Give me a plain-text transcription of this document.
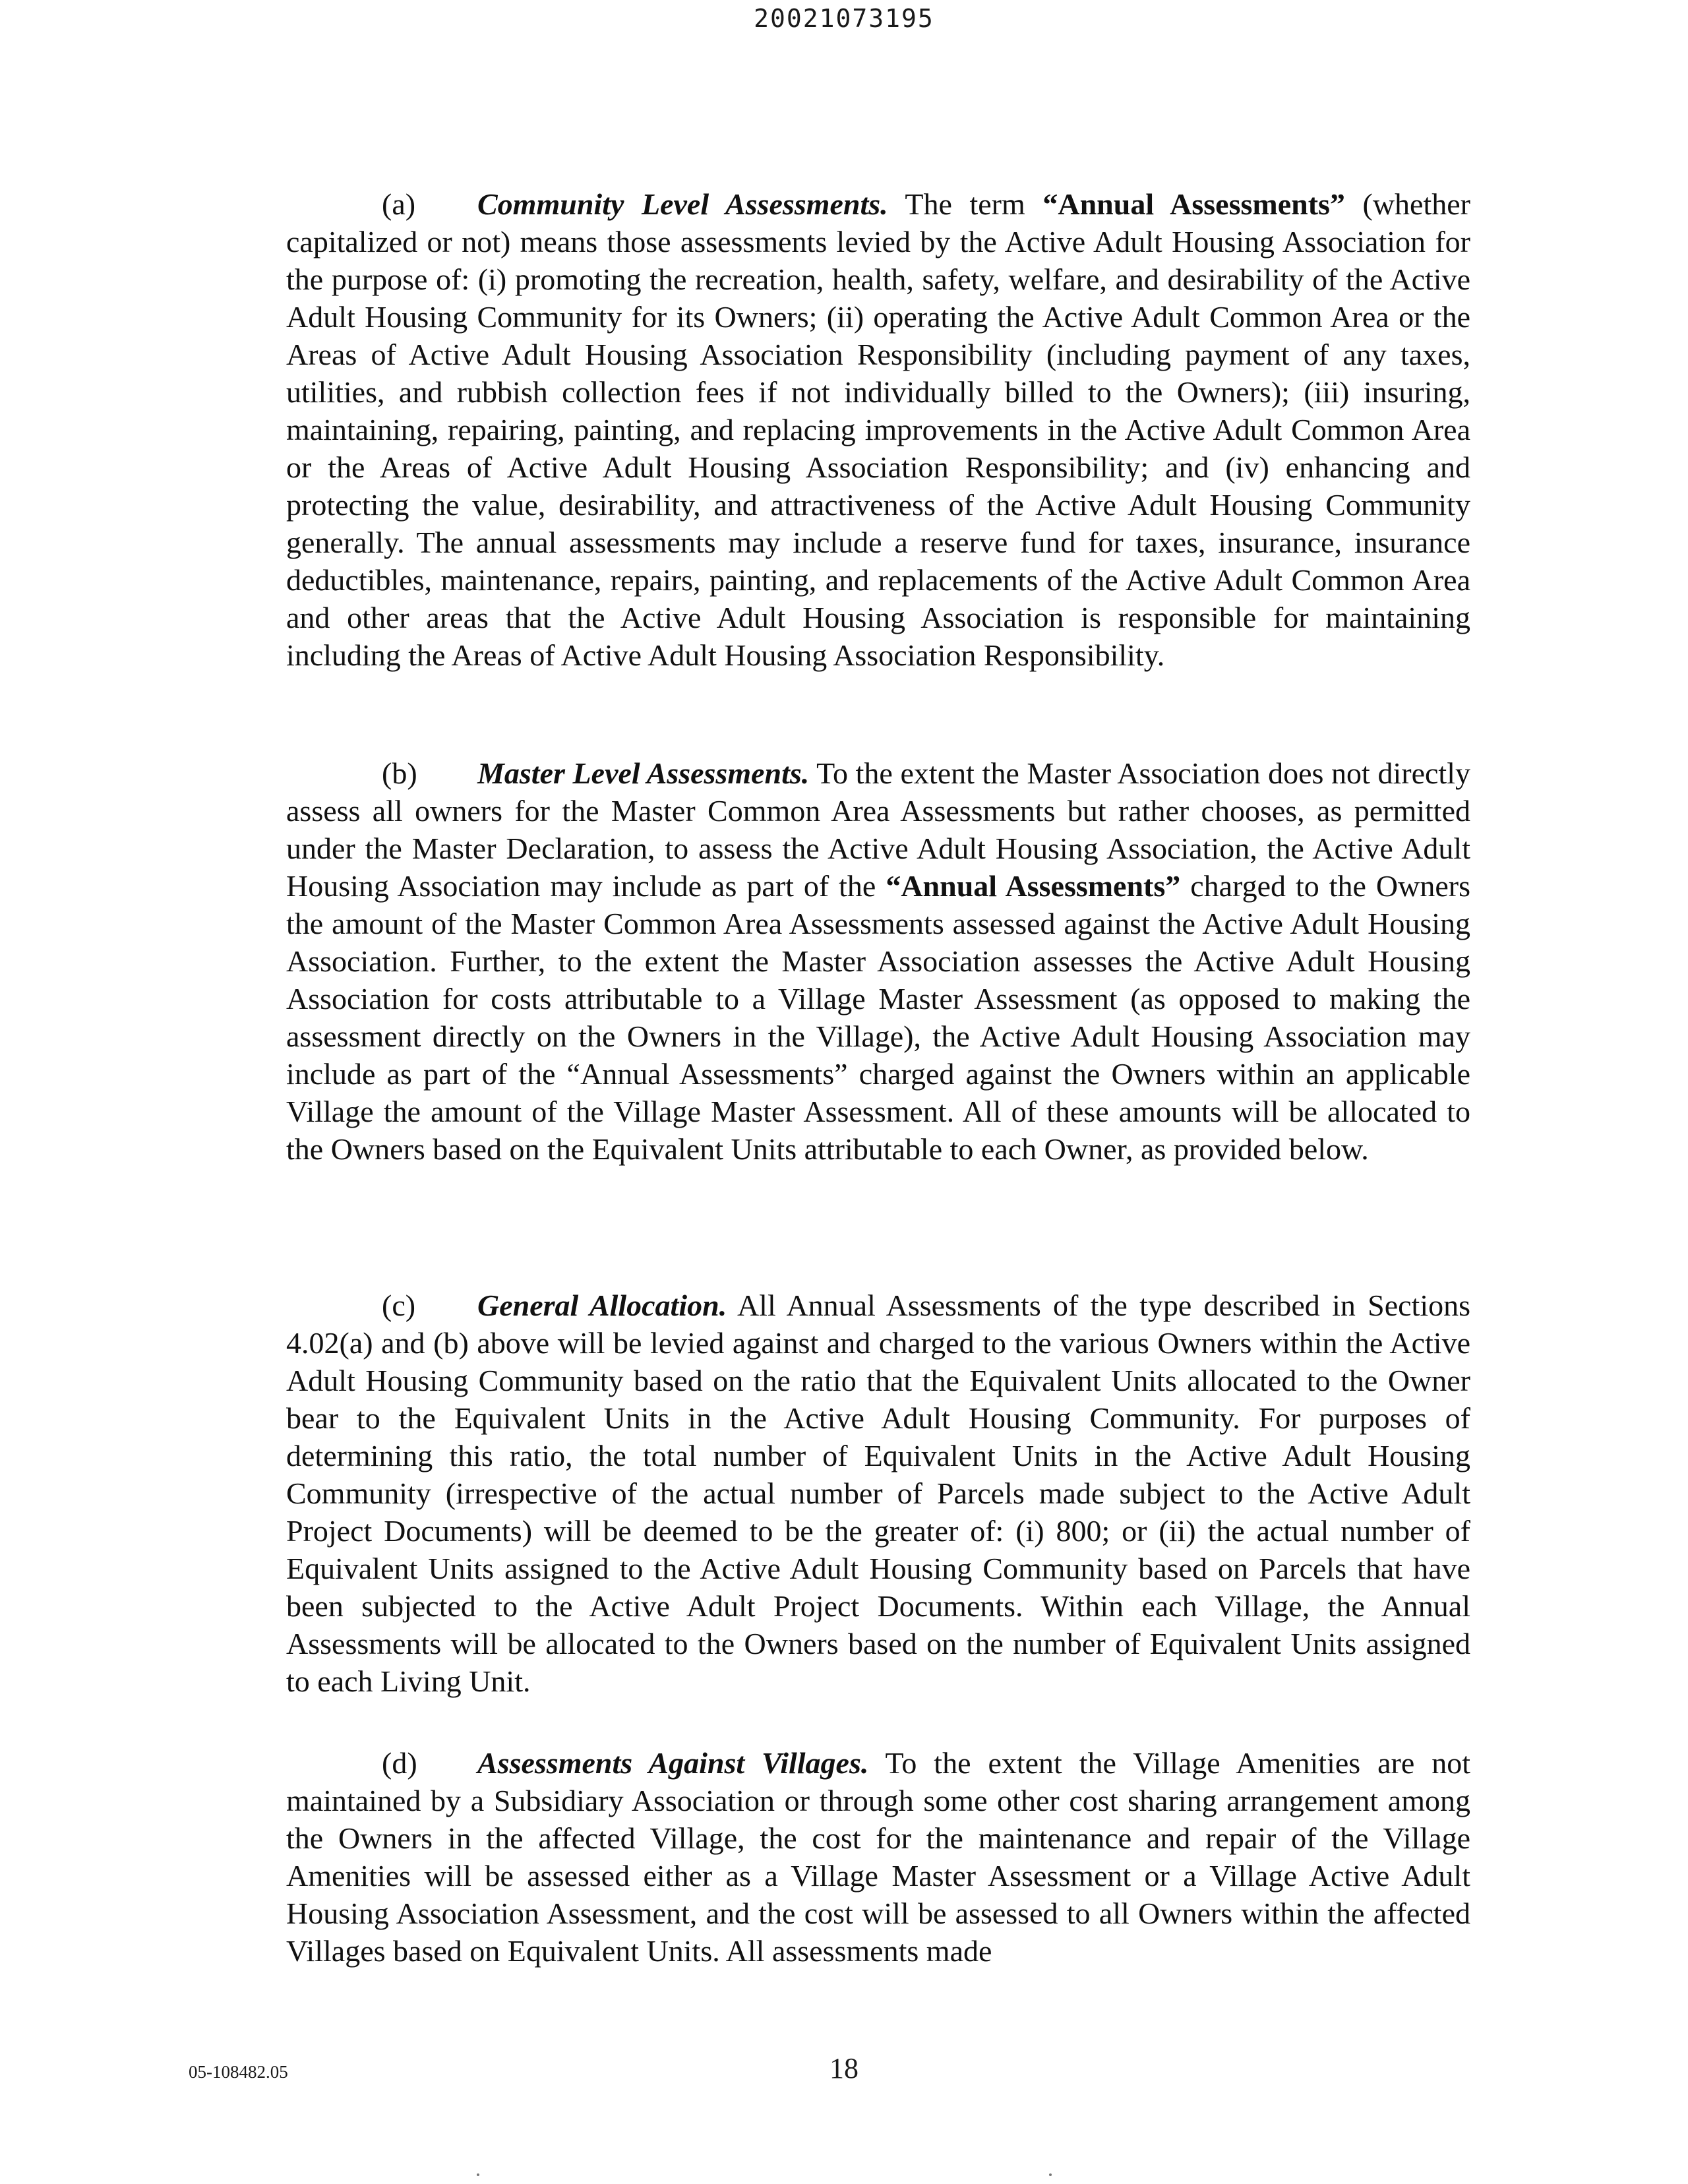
20021073195

(a) Community Level Assessments. The term “Annual Assessments” (whether capitalized or not) means those assessments levied by the Active Adult Housing Association for the purpose of: (i) promoting the recreation, health, safety, welfare, and desirability of the Active Adult Housing Community for its Owners; (ii) operating the Active Adult Common Area or the Areas of Active Adult Housing Association Responsibility (including payment of any taxes, utilities, and rubbish collection fees if not individually billed to the Owners); (iii) insuring, maintaining, repairing, painting, and replacing improvements in the Active Adult Common Area or the Areas of Active Adult Housing Association Responsibility; and (iv) enhancing and protecting the value, desirability, and attractiveness of the Active Adult Housing Community generally. The annual assessments may include a reserve fund for taxes, insurance, insurance deductibles, maintenance, repairs, painting, and replacements of the Active Adult Common Area and other areas that the Active Adult Housing Association is responsible for maintaining including the Areas of Active Adult Housing Association Responsibility.

(b) Master Level Assessments. To the extent the Master Association does not directly assess all owners for the Master Common Area Assessments but rather chooses, as permitted under the Master Declaration, to assess the Active Adult Housing Association, the Active Adult Housing Association may include as part of the “Annual Assessments” charged to the Owners the amount of the Master Common Area Assessments assessed against the Active Adult Housing Association. Further, to the extent the Master Association assesses the Active Adult Housing Association for costs attributable to a Village Master Assessment (as opposed to making the assessment directly on the Owners in the Village), the Active Adult Housing Association may include as part of the “Annual Assessments” charged against the Owners within an applicable Village the amount of the Village Master Assessment. All of these amounts will be allocated to the Owners based on the Equivalent Units attributable to each Owner, as provided below.

(c) General Allocation. All Annual Assessments of the type described in Sections 4.02(a) and (b) above will be levied against and charged to the various Owners within the Active Adult Housing Community based on the ratio that the Equivalent Units allocated to the Owner bear to the Equivalent Units in the Active Adult Housing Community. For purposes of determining this ratio, the total number of Equivalent Units in the Active Adult Housing Community (irrespective of the actual number of Parcels made subject to the Active Adult Project Documents) will be deemed to be the greater of: (i) 800; or (ii) the actual number of Equivalent Units assigned to the Active Adult Housing Community based on Parcels that have been subjected to the Active Adult Project Documents. Within each Village, the Annual Assessments will be allocated to the Owners based on the number of Equivalent Units assigned to each Living Unit.

(d) Assessments Against Villages. To the extent the Village Amenities are not maintained by a Subsidiary Association or through some other cost sharing arrangement among the Owners in the affected Village, the cost for the maintenance and repair of the Village Amenities will be assessed either as a Village Master Assessment or a Village Active Adult Housing Association Assessment, and the cost will be assessed to all Owners within the affected Villages based on Equivalent Units. All assessments made

05-108482.05	18
